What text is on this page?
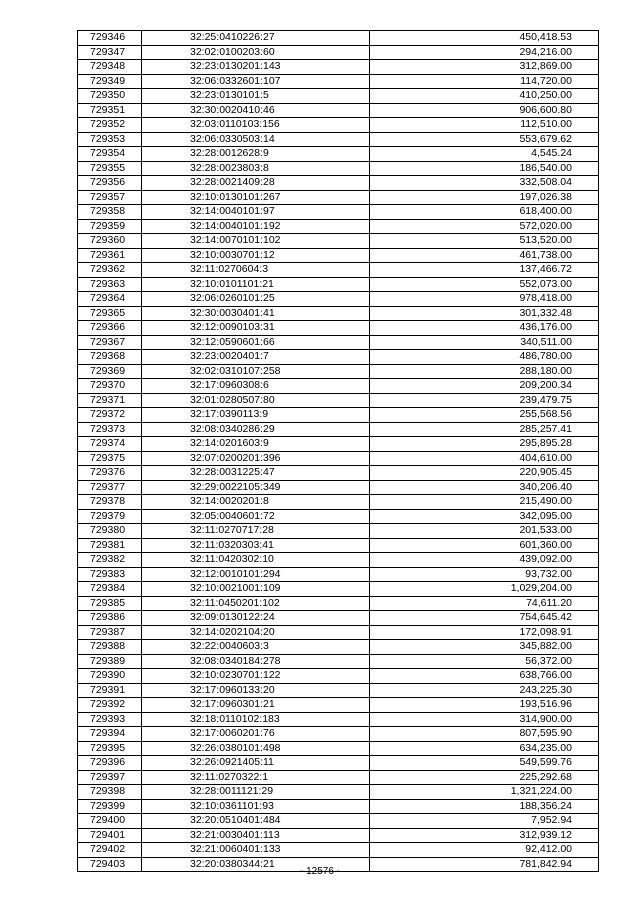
729346	32:25:0410226:27	450,418.53
729347	32:02:0100203:60	294,216.00
729348	32:23:0130201:143	312,869.00
729349	32:06:0332601:107	114,720.00
729350	32:23:0130101:5	410,250.00
729351	32:30:0020410:46	906,600.80
729352	32:03:0110103:156	112,510.00
729353	32:06:0330503:14	553,679.62
729354	32:28:0012628:9	4,545.24
729355	32:28:0023803:8	186,540.00
729356	32:28:0021409:28	332,508.04
729357	32:10:0130101:267	197,026.38
729358	32:14:0040101:97	618,400.00
729359	32:14:0040101:192	572,020.00
729360	32:14:0070101:102	513,520.00
729361	32:10:0030701:12	461,738.00
729362	32:11:0270604:3	137,466.72
729363	32:10:0101101:21	552,073.00
729364	32:06:0260101:25	978,418.00
729365	32:30:0030401:41	301,332.48
729366	32:12:0090103:31	436,176.00
729367	32:12:0590601:66	340,511.00
729368	32:23:0020401:7	486,780.00
729369	32:02:0310107:258	288,180.00
729370	32:17:0960308:6	209,200.34
729371	32:01:0280507:80	239,479.75
729372	32:17:0390113:9	255,568.56
729373	32:08:0340286:29	285,257.41
729374	32:14:0201603:9	295,895.28
729375	32:07:0200201:396	404,610.00
729376	32:28:0031225:47	220,905.45
729377	32:29:0022105:349	340,206.40
729378	32:14:0020201:8	215,490.00
729379	32:05:0040601:72	342,095.00
729380	32:11:0270717:28	201,533.00
729381	32:11:0320303:41	601,360.00
729382	32:11:0420302:10	439,092.00
729383	32:12:0010101:294	93,732.00
729384	32:10:0021001:109	1,029,204.00
729385	32:11:0450201:102	74,611.20
729386	32:09:0130122:24	754,645.42
729387	32:14:0202104:20	172,098.91
729388	32:22:0040603:3	345,882.00
729389	32:08:0340184:278	56,372.00
729390	32:10:0230701:122	638,766.00
729391	32:17:0960133:20	243,225.30
729392	32:17:0960301:21	193,516.96
729393	32:18:0110102:183	314,900.00
729394	32:17:0060201:76	807,595.90
729395	32:26:0380101:498	634,235.00
729396	32:26:0921405:11	549,599.76
729397	32:11:0270322:1	225,292.68
729398	32:28:0011121:29	1,321,224.00
729399	32:10:0361101:93	188,356.24
729400	32:20:0510401:484	7,952.94
729401	32:21:0030401:113	312,939.12
729402	32:21:0060401:133	92,412.00
729403	32:20:0380344:21	781,842.94
- 12576 -
